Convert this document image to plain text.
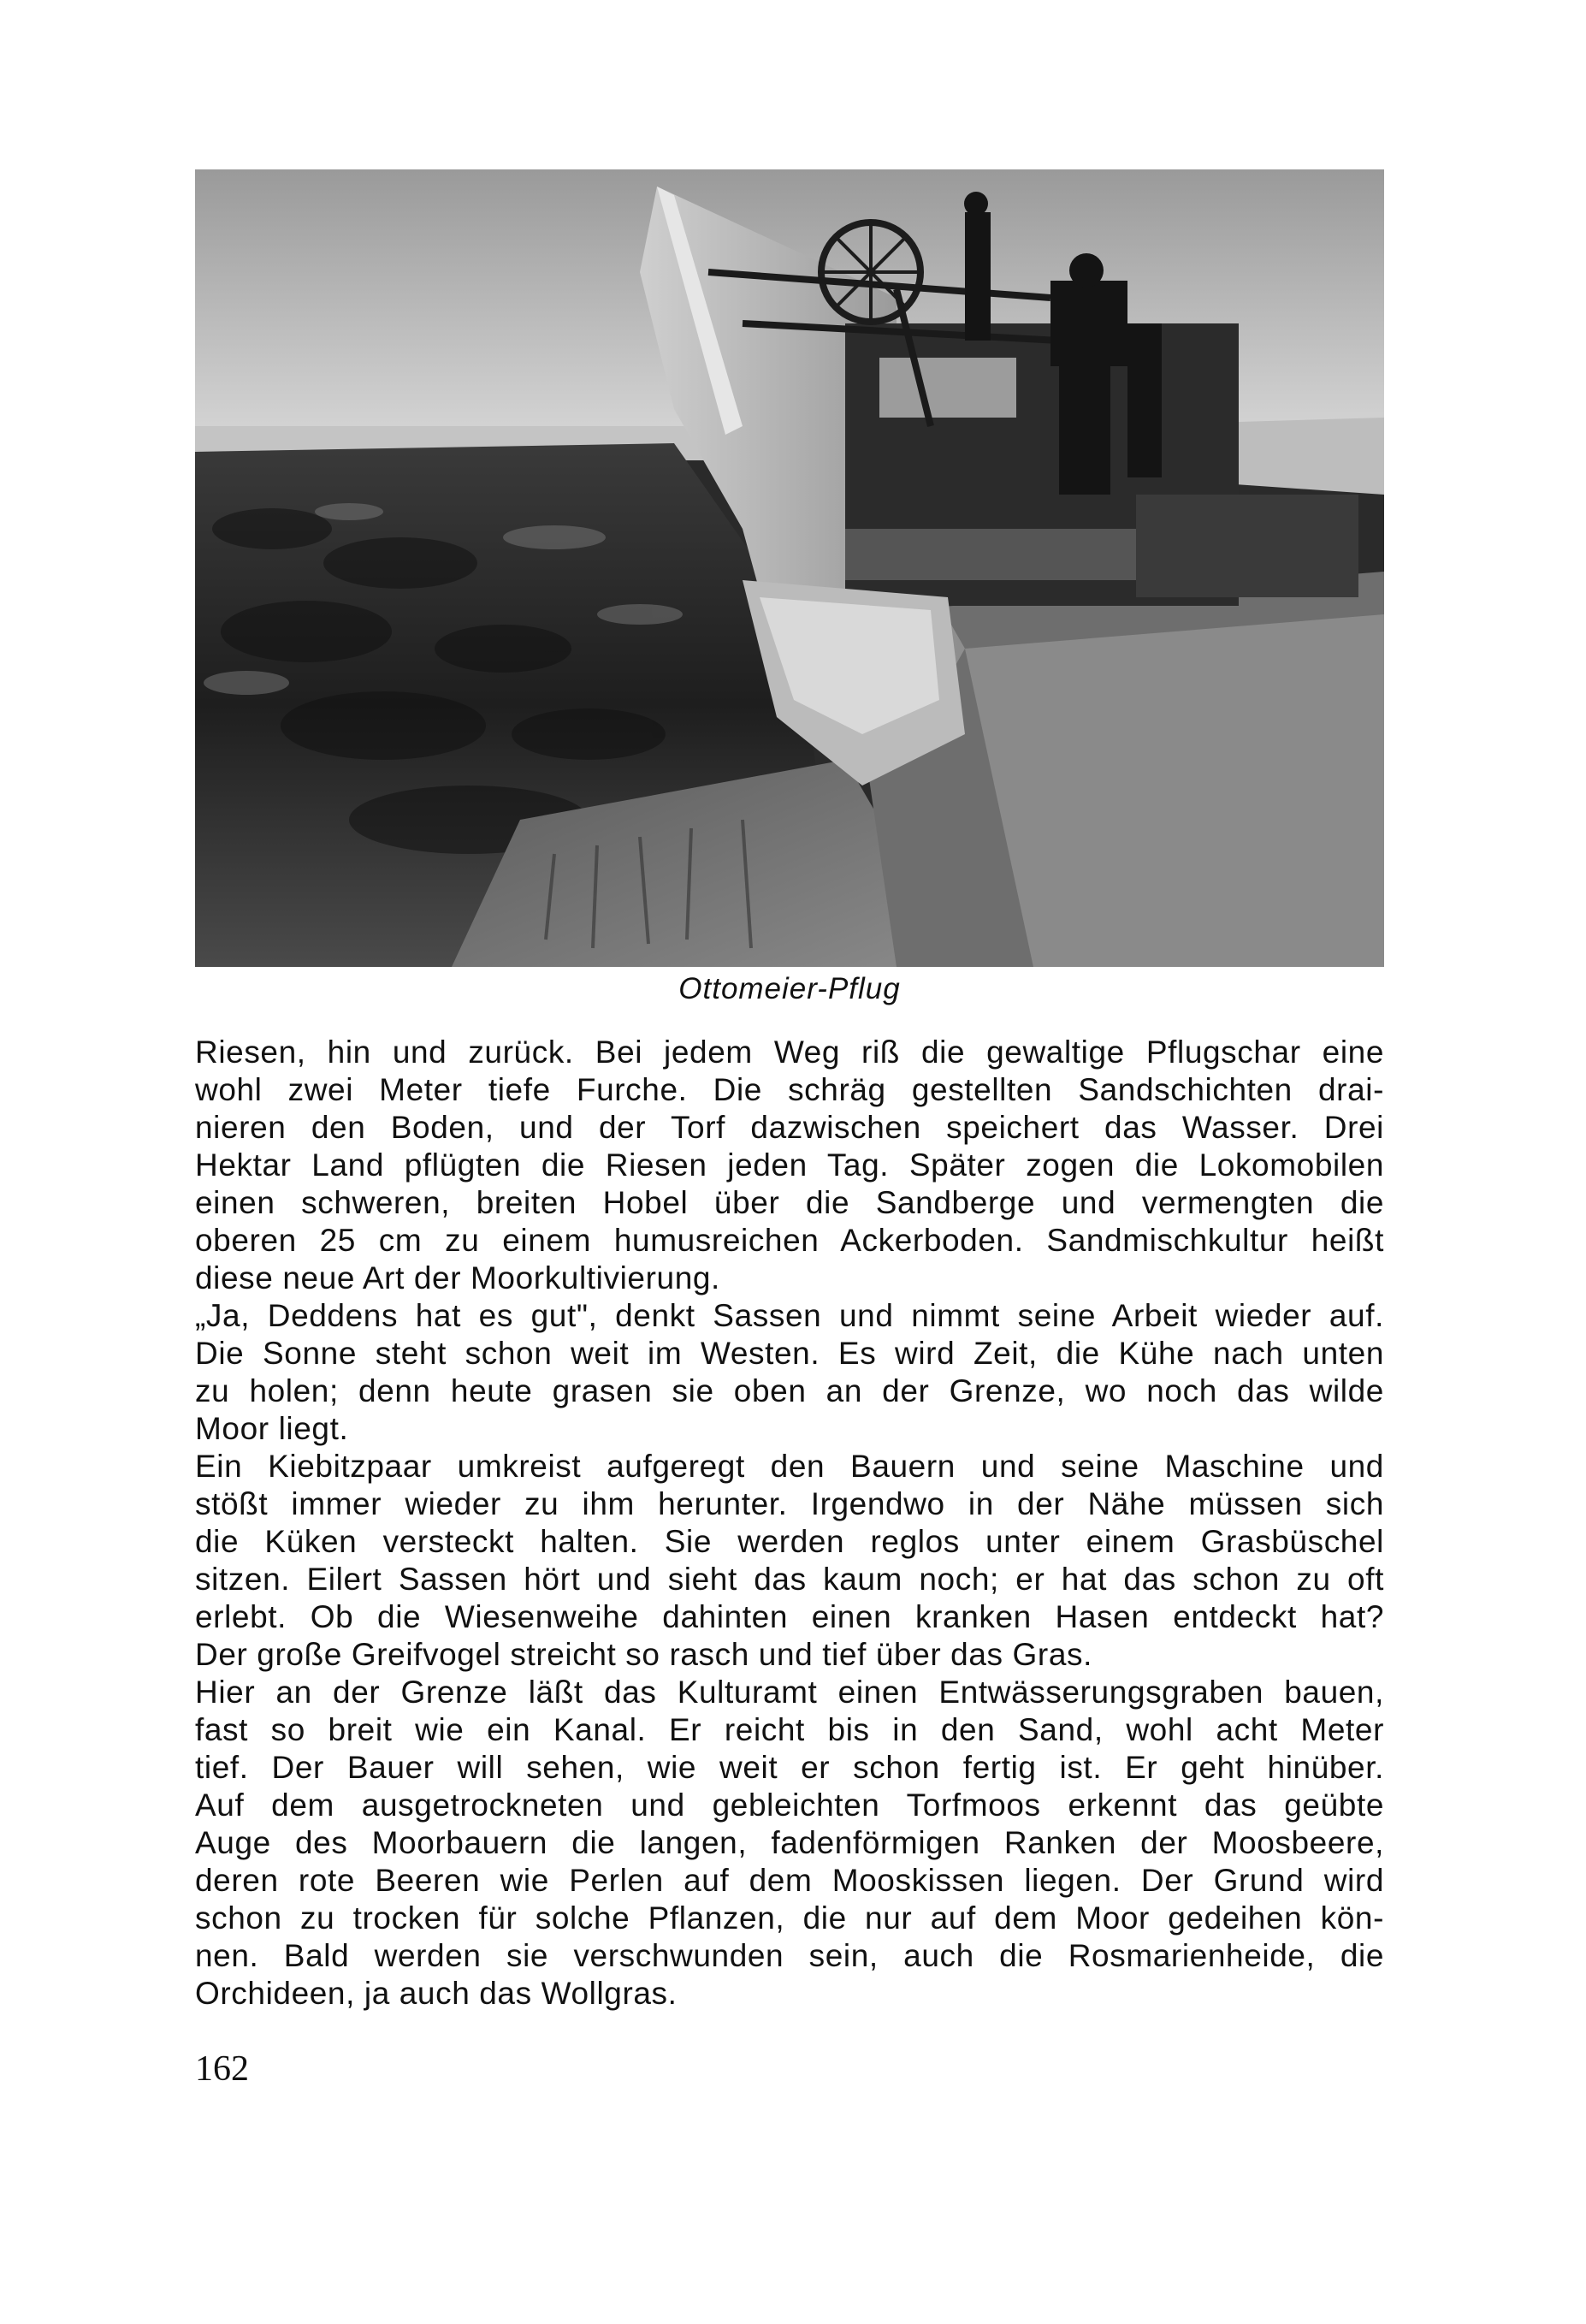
Ottomeier-Pflug
Riesen, hin und zurück. Bei jedem Weg riß die gewaltige Pflugschar eine
wohl zwei Meter tiefe Furche. Die schräg gestellten Sandschichten drai-
nieren den Boden, und der Torf dazwischen speichert das Wasser. Drei
Hektar Land pflügten die Riesen jeden Tag. Später zogen die Lokomobilen
einen schweren, breiten Hobel über die Sandberge und vermengten die
oberen 25 cm zu einem humusreichen Ackerboden. Sandmischkultur heißt
diese neue Art der Moorkultivierung.
„Ja, Deddens hat es gut", denkt Sassen und nimmt seine Arbeit wieder auf.
Die Sonne steht schon weit im Westen. Es wird Zeit, die Kühe nach unten
zu holen; denn heute grasen sie oben an der Grenze, wo noch das wilde
Moor liegt.
Ein Kiebitzpaar umkreist aufgeregt den Bauern und seine Maschine und
stößt immer wieder zu ihm herunter. Irgendwo in der Nähe müssen sich
die Küken versteckt halten. Sie werden reglos unter einem Grasbüschel
sitzen. Eilert Sassen hört und sieht das kaum noch; er hat das schon zu oft
erlebt. Ob die Wiesenweihe dahinten einen kranken Hasen entdeckt hat?
Der große Greifvogel streicht so rasch und tief über das Gras.
Hier an der Grenze läßt das Kulturamt einen Entwässerungsgraben bauen,
fast so breit wie ein Kanal. Er reicht bis in den Sand, wohl acht Meter
tief. Der Bauer will sehen, wie weit er schon fertig ist. Er geht hinüber.
Auf dem ausgetrockneten und gebleichten Torfmoos erkennt das geübte
Auge des Moorbauern die langen, fadenförmigen Ranken der Moosbeere,
deren rote Beeren wie Perlen auf dem Mooskissen liegen. Der Grund wird
schon zu trocken für solche Pflanzen, die nur auf dem Moor gedeihen kön-
nen. Bald werden sie verschwunden sein, auch die Rosmarienheide, die
Orchideen, ja auch das Wollgras.
162
